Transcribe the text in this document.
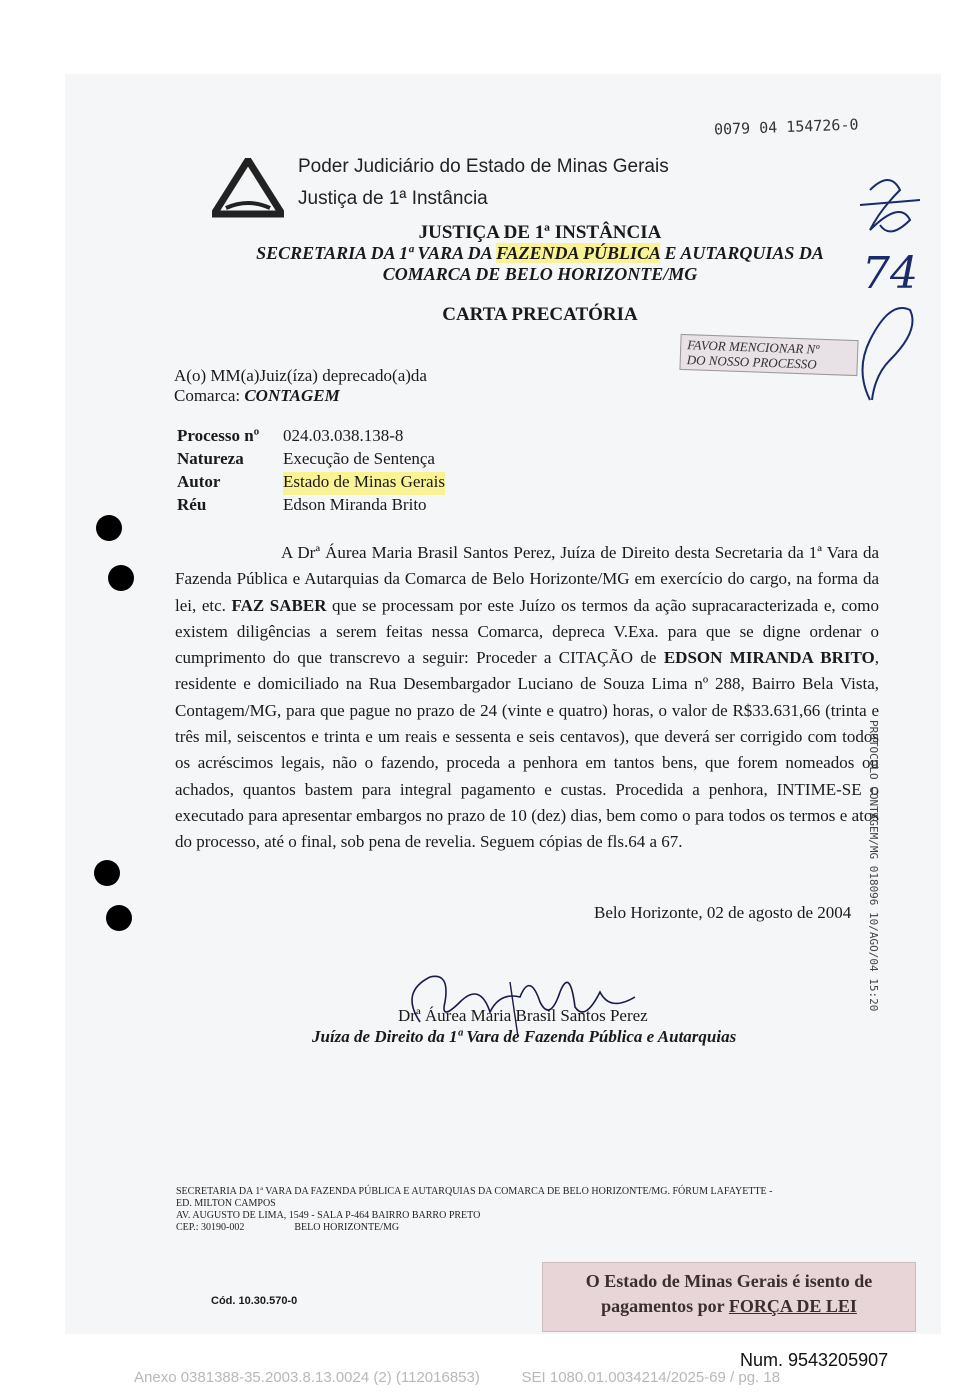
0079 04 154726-0
Poder Judiciário do Estado de Minas Gerais
Justiça de 1ª Instância
JUSTIÇA DE 1ª INSTÂNCIA
SECRETARIA DA 1ª VARA DA FAZENDA PÚBLICA E AUTARQUIAS DA
COMARCA DE BELO HORIZONTE/MG
CARTA PRECATÓRIA
74
FAVOR MENCIONAR Nº
DO NOSSO PROCESSO
A(o) MM(a)Juiz(íza) deprecado(a)da
Comarca: CONTAGEM
Processo nº	024.03.038.138-8
Natureza	Execução de Sentença
Autor	Estado de Minas Gerais
Réu	Edson Miranda Brito
A Drª Áurea Maria Brasil Santos Perez, Juíza de Direito desta Secretaria da 1ª Vara da Fazenda Pública e Autarquias da Comarca de Belo Horizonte/MG em exercício do cargo, na forma da lei, etc. FAZ SABER que se processam por este Juízo os termos da ação supracaracterizada e, como existem diligências a serem feitas nessa Comarca, depreca V.Exa. para que se digne ordenar o cumprimento do que transcrevo a seguir: Proceder a CITAÇÃO de EDSON MIRANDA BRITO, residente e domiciliado na Rua Desembargador Luciano de Souza Lima nº 288, Bairro Bela Vista, Contagem/MG, para que pague no prazo de 24 (vinte e quatro) horas, o valor de R$33.631,66 (trinta e três mil, seiscentos e trinta e um reais e sessenta e seis centavos), que deverá ser corrigido com todos os acréscimos legais, não o fazendo, proceda a penhora em tantos bens, que forem nomeados ou achados, quantos bastem para integral pagamento e custas. Procedida a penhora, INTIME-SE o executado para apresentar embargos no prazo de 10 (dez) dias, bem como o para todos os termos e atos do processo, até o final, sob pena de revelia. Seguem cópias de fls.64 a 67.
Belo Horizonte, 02 de agosto de 2004 PROTOCOLO CONTAGEM/MG 018096 10/AGO/04 15:20
Drª Áurea Maria Brasil Santos Perez
Juíza de Direito da 1ª Vara de Fazenda Pública e Autarquias
SECRETARIA DA 1ª VARA DA FAZENDA PÚBLICA E AUTARQUIAS DA COMARCA DE BELO HORIZONTE/MG. FÓRUM LAFAYETTE -
ED. MILTON CAMPOS
AV. AUGUSTO DE LIMA, 1549 - SALA P-464 BAIRRO BARRO PRETO
CEP.: 30190-002                    BELO HORIZONTE/MG
Cód. 10.30.570-0
O Estado de Minas Gerais é isento de
pagamentos por FORÇA DE LEI
Num. 9543205907
Anexo 0381388-35.2003.8.13.0024 (2) (112016853)          SEI 1080.01.0034214/2025-69 / pg. 18
